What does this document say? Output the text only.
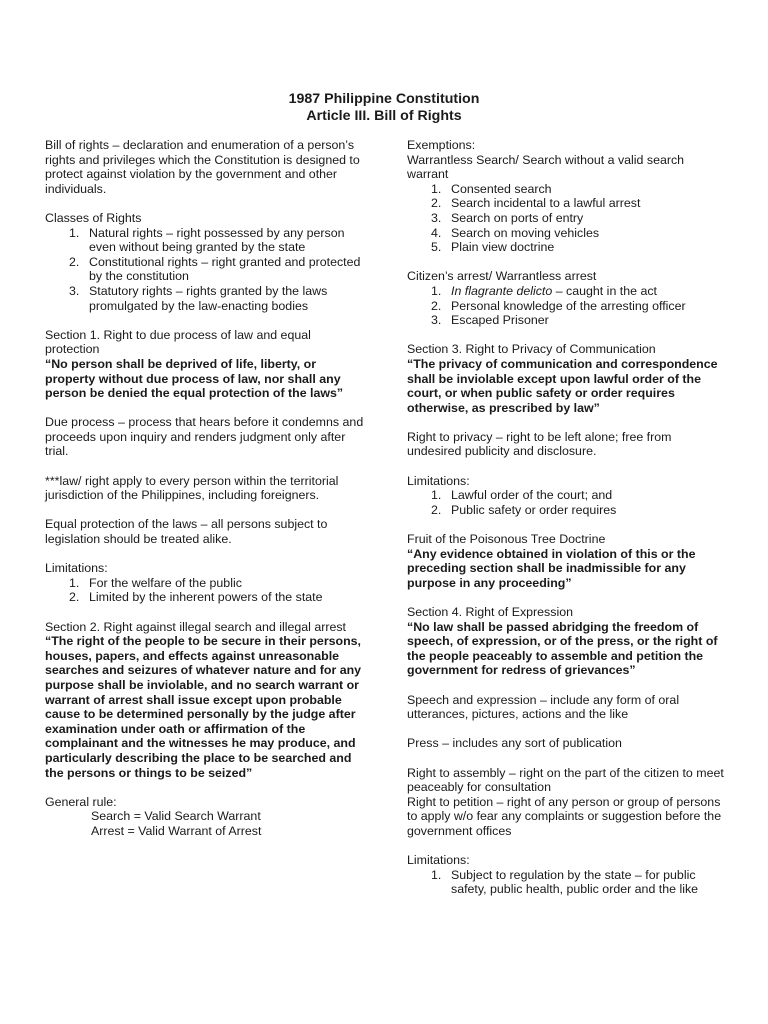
1987 Philippine Constitution
Article III. Bill of Rights

Bill of rights – declaration and enumeration of a person’s rights and privileges which the Constitution is designed to protect against violation by the government and other individuals.

Classes of Rights
1. Natural rights – right possessed by any person even without being granted by the state
2. Constitutional rights – right granted and protected by the constitution
3. Statutory rights – rights granted by the laws promulgated by the law-enacting bodies
Section 1. Right to due process of law and equal protection

“No person shall be deprived of life, liberty, or property without due process of law, nor shall any person be denied the equal protection of the laws”

Due process – process that hears before it condemns and proceeds upon inquiry and renders judgment only after trial.

***law/ right apply to every person within the territorial jurisdiction of the Philippines, including foreigners.

Equal protection of the laws – all persons subject to legislation should be treated alike.

Limitations:
1. For the welfare of the public
2. Limited by the inherent powers of the state
Section 2. Right against illegal search and illegal arrest

“The right of the people to be secure in their persons, houses, papers, and effects against unreasonable searches and seizures of whatever nature and for any purpose shall be inviolable, and no search warrant or warrant of arrest shall issue except upon probable cause to be determined personally by the judge after examination under oath or affirmation of the complainant and the witnesses he may produce, and particularly describing the place to be searched and the persons or things to be seized”

General rule:
Search = Valid Search Warrant
Arrest = Valid Warrant of Arrest
Exemptions:
Warrantless Search/ Search without a valid search warrant
1. Consented search
2. Search incidental to a lawful arrest
3. Search on ports of entry
4. Search on moving vehicles
5. Plain view doctrine
Citizen’s arrest/ Warrantless arrest
1. In flagrante delicto – caught in the act
2. Personal knowledge of the arresting officer
3. Escaped Prisoner
Section 3. Right to Privacy of Communication

“The privacy of communication and correspondence shall be inviolable except upon lawful order of the court, or when public safety or order requires otherwise, as prescribed by law”

Right to privacy – right to be left alone; free from undesired publicity and disclosure.

Limitations:
1. Lawful order of the court; and
2. Public safety or order requires
Fruit of the Poisonous Tree Doctrine

“Any evidence obtained in violation of this or the preceding section shall be inadmissible for any purpose in any proceeding”

Section 4. Right of Expression

“No law shall be passed abridging the freedom of speech, of expression, or of the press, or the right of the people peaceably to assemble and petition the government for redress of grievances”

Speech and expression – include any form of oral utterances, pictures, actions and the like

Press – includes any sort of publication

Right to assembly – right on the part of the citizen to meet peaceably for consultation

Right to petition – right of any person or group of persons to apply w/o fear any complaints or suggestion before the government offices

Limitations:
1. Subject to regulation by the state – for public safety, public health, public order and the like
